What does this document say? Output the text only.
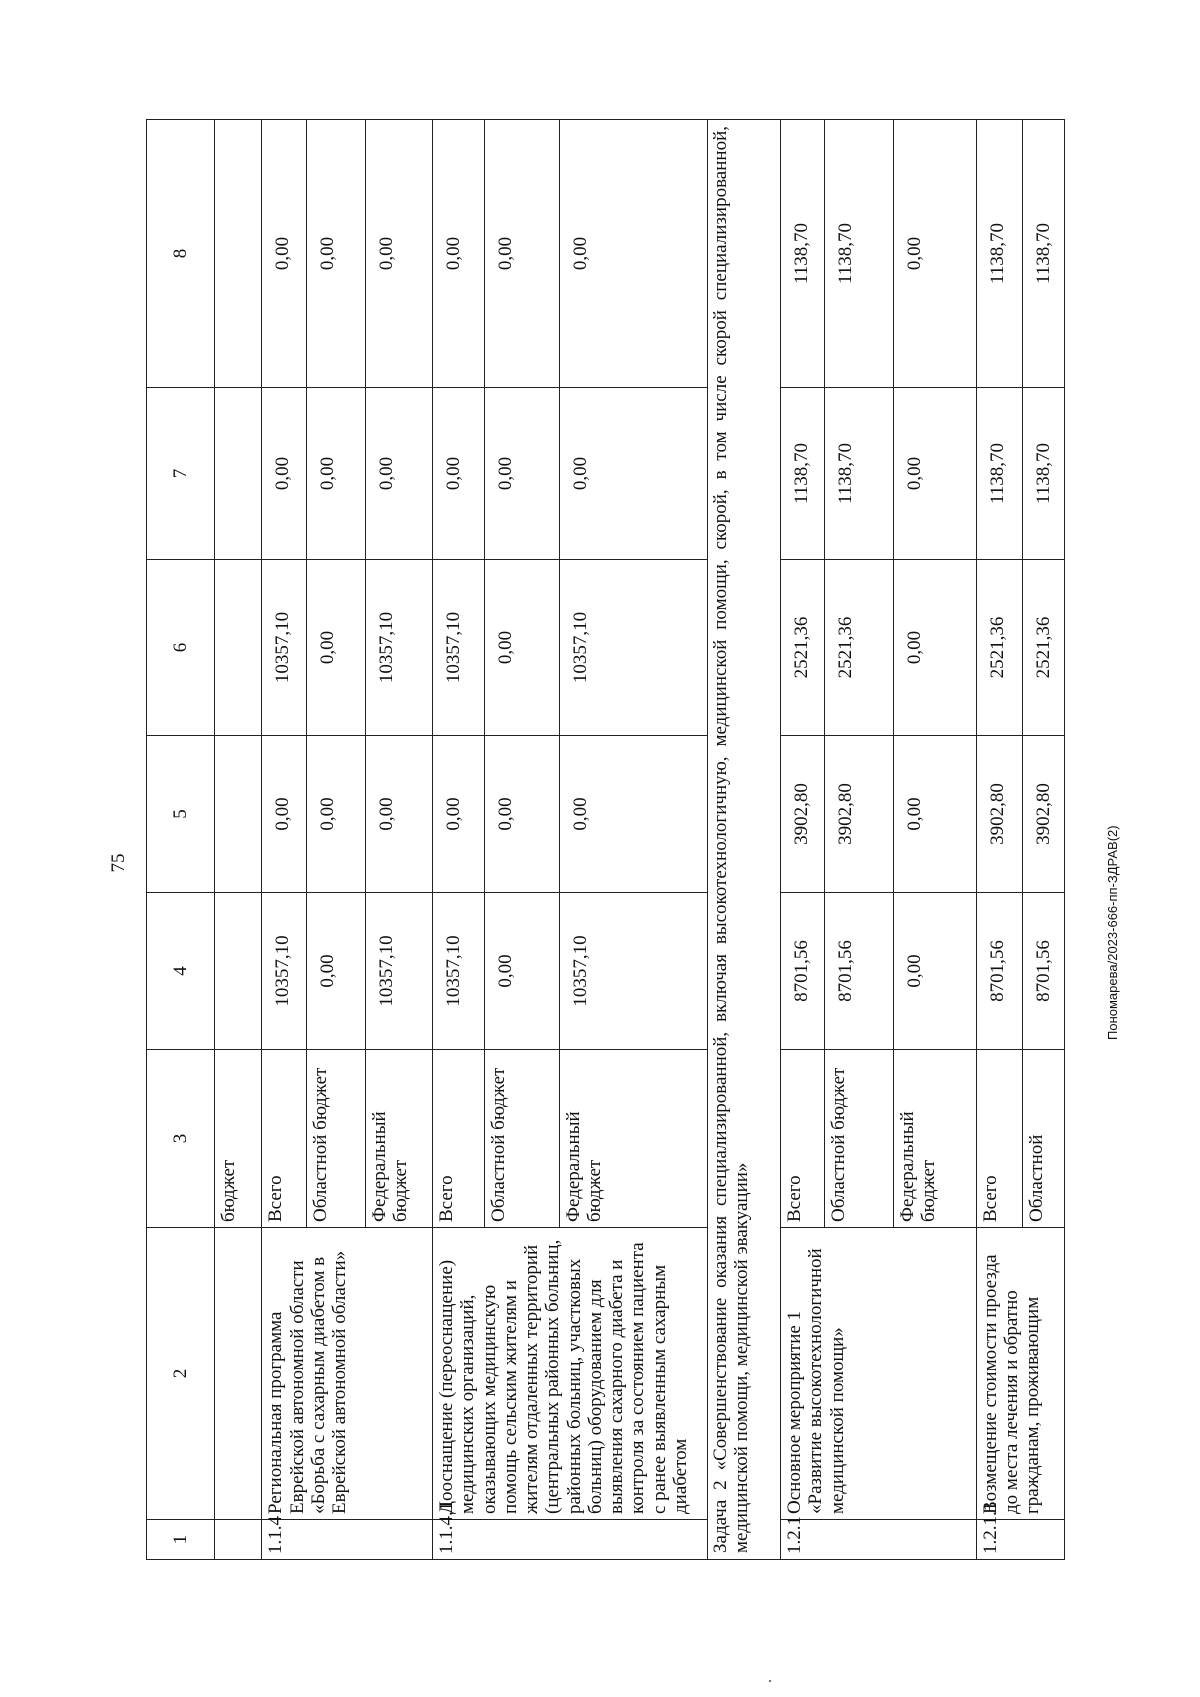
75
1	2	3	4	5	6	7	8
		бюджет					
1.1.4	Региональная программа Еврейской автономной области «Борьба с сахарным диабетом в Еврейской автономной области»	Всего	10357,10	0,00	10357,10	0,00	0,00
		Областной бюджет	0,00	0,00	0,00	0,00	0,00
		Федеральный бюджет	10357,10	0,00	10357,10	0,00	0,00
1.1.4.1	Дооснащение (переоснащение) медицинских организаций, оказывающих медицинскую помощь сельским жителям и жителям отдаленных территорий (центральных районных больниц, районных больниц, участковых больниц) оборудованием для выявления сахарного диабета и контроля за состоянием пациента с ранее выявленным сахарным диабетом	Всего	10357,10	0,00	10357,10	0,00	0,00
		Областной бюджет	0,00	0,00	0,00	0,00	0,00
		Федеральный бюджет	10357,10	0,00	10357,10	0,00	0,00
Задача 2 «Совершенствование оказания специализированной, включая высокотехнологичную, медицинской помощи, скорой, в том числе скорой специализированной, медицинской помощи, медицинской эвакуации»							
1.2.1	Основное мероприятие 1 «Развитие высокотехнологичной медицинской помощи»	Всего	8701,56	3902,80	2521,36	1138,70	1138,70
		Областной бюджет	8701,56	3902,80	2521,36	1138,70	1138,70
		Федеральный бюджет	0,00	0,00	0,00	0,00	0,00
1.2.1.1	Возмещение стоимости проезда до места лечения и обратно гражданам, проживающим	Всего	8701,56	3902,80	2521,36	1138,70	1138,70
		Областной	8701,56	3902,80	2521,36	1138,70	1138,70
Пономарева/2023-666-пп-ЗДРАВ(2)
